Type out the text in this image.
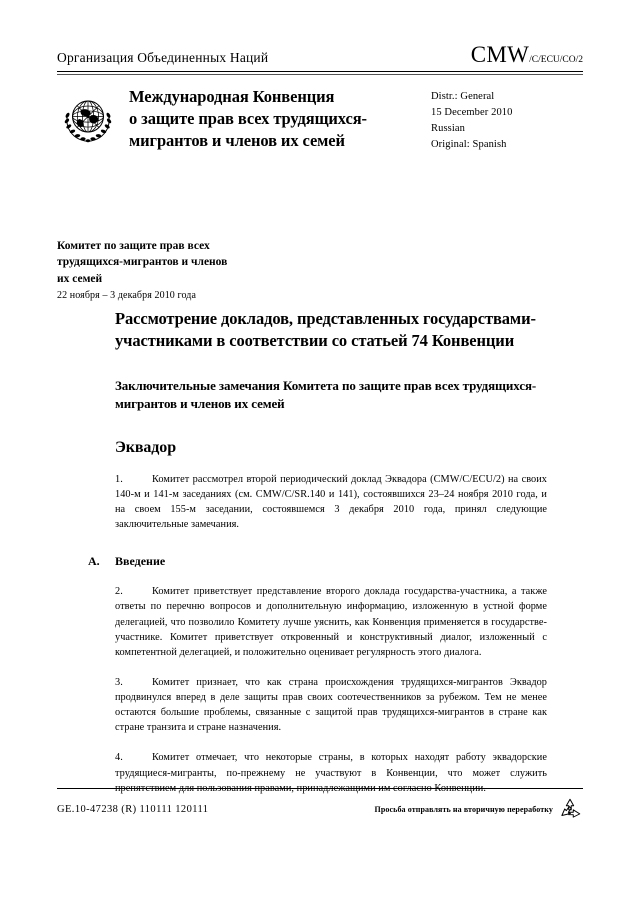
Организация Объединенных Наций	CMW/C/ECU/CO/2
Международная Конвенция
о защите прав всех трудящихся-
мигрантов и членов их семей
Distr.: General
15 December 2010
Russian
Original: Spanish
Комитет по защите прав всех
трудящихся-мигрантов и членов
их семей
22 ноября – 3 декабря 2010 года
Рассмотрение докладов, представленных государствами-участниками в соответствии со статьей 74 Конвенции
Заключительные замечания Комитета по защите прав всех трудящихся-мигрантов и членов их семей
Эквадор

1.	Комитет рассмотрел второй периодический доклад Эквадора (CMW/C/ECU/2) на своих 140-м и 141-м заседаниях (см. CMW/C/SR.140 и 141), состоявшихся 23–24 ноября 2010 года, и на своем 155-м заседании, состоявшемся 3 декабря 2010 года, принял следующие заключительные замечания.

A.	Введение

2.	Комитет приветствует представление второго доклада государства-участника, а также ответы по перечню вопросов и дополнительную информацию, изложенную в устной форме делегацией, что позволило Комитету лучше уяснить, как Конвенция применяется в государстве-участнике. Комитет приветствует откровенный и конструктивный диалог, изложенный с компетентной делегацией, и положительно оценивает регулярность этого диалога.

3.	Комитет признает, что как страна происхождения трудящихся-мигрантов Эквадор продвинулся вперед в деле защиты прав своих соотечественников за рубежом. Тем не менее остаются большие проблемы, связанные с защитой прав трудящихся-мигрантов в стране как стране транзита и стране назначения.

4.	Комитет отмечает, что некоторые страны, в которых находят работу эквадорские трудящиеся-мигранты, по-прежнему не участвуют в Конвенции, что может служить препятствием для пользования правами, принадлежащими им согласно Конвенции.

GE.10-47238 (R) 110111 120111	Просьба отправлять на вторичную переработку
